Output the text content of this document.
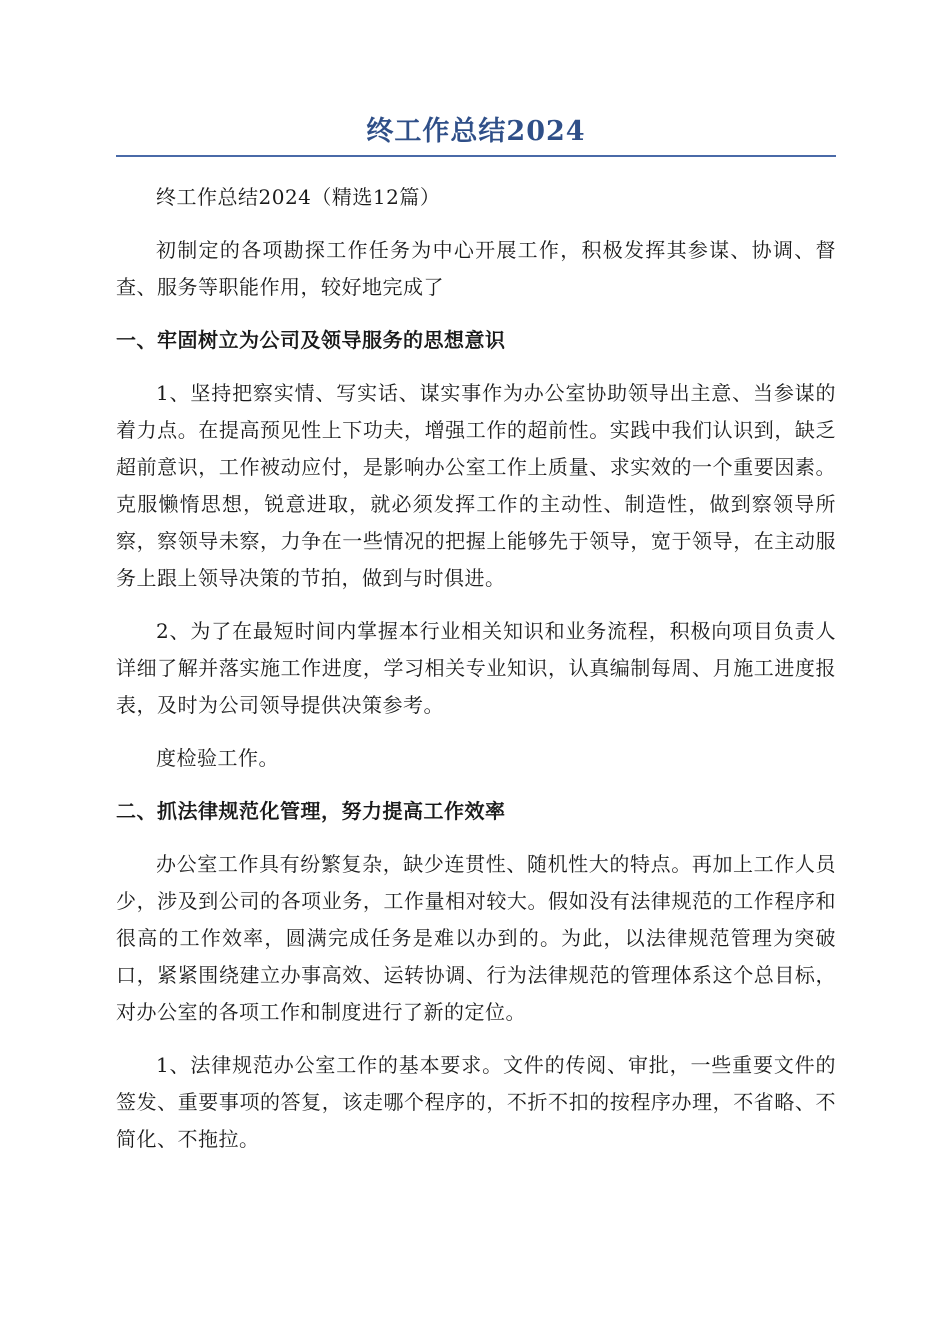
终工作总结2024

终工作总结2024（精选12篇）

初制定的各项勘探工作任务为中心开展工作，积极发挥其参谋、协调、督查、服务等职能作用，较好地完成了

一、牢固树立为公司及领导服务的思想意识

1、坚持把察实情、写实话、谋实事作为办公室协助领导出主意、当参谋的着力点。在提高预见性上下功夫，增强工作的超前性。实践中我们认识到，缺乏超前意识，工作被动应付，是影响办公室工作上质量、求实效的一个重要因素。克服懒惰思想，锐意进取，就必须发挥工作的主动性、制造性，做到察领导所察，察领导未察，力争在一些情况的把握上能够先于领导，宽于领导，在主动服务上跟上领导决策的节拍，做到与时俱进。

2、为了在最短时间内掌握本行业相关知识和业务流程，积极向项目负责人详细了解并落实施工作进度，学习相关专业知识，认真编制每周、月施工进度报表，及时为公司领导提供决策参考。

度检验工作。

二、抓法律规范化管理，努力提高工作效率

办公室工作具有纷繁复杂，缺少连贯性、随机性大的特点。再加上工作人员少，涉及到公司的各项业务，工作量相对较大。假如没有法律规范的工作程序和很高的工作效率，圆满完成任务是难以办到的。为此，以法律规范管理为突破口，紧紧围绕建立办事高效、运转协调、行为法律规范的管理体系这个总目标，对办公室的各项工作和制度进行了新的定位。

1、法律规范办公室工作的基本要求。文件的传阅、审批，一些重要文件的签发、重要事项的答复，该走哪个程序的，不折不扣的按程序办理，不省略、不简化、不拖拉。
